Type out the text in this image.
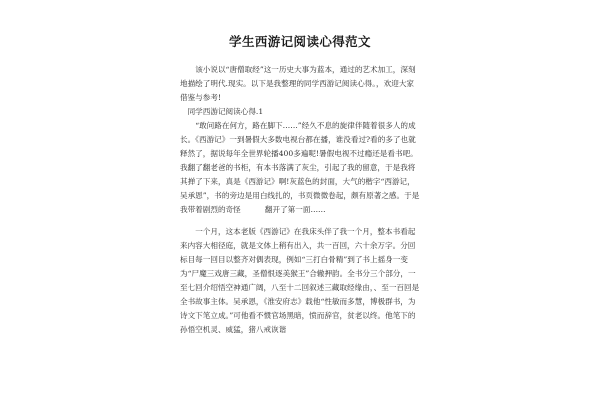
学生西游记阅读心得范文

该小说以“唐僧取经”这一历史大事为蓝本，通过的艺术加工，深刻地描绘了明代.现实。以下是我整理的同学西游记阅读心得。，欢迎大家借鉴与参考!

同学西游记阅读心得.1

“敢问路在何方，路在脚下……”经久不息的旋律伴随着很多人的成长。《西游记》一到暑假大多数电视台都在播，谁没看过?看的多了也就释然了，据说每年全世界轮播400多遍呢!暑假电视不过瘾还是看书吧。我翻了翻老爸的书柜，有本书落满了灰尘，引起了我的留意，于是我将其掸了下来，真是《西游记》啊!灰蓝色的封面，大气的楷字“西游记，吴承恩”，书的旁边是用白线扎的，书页微微卷起，颇有原著之感。于是我带着剧烈的奇怪          翻开了第一面……

一个月，这本老版《西游记》在我床头伴了我一个月，整本书看起来内容大相径庭，就是文体上稍有出入，共一百回，六十余万字。分回标目每一回目以整齐对偶表现，例如“三打白骨精”到了书上摇身一变为“尸魔三戏唐三藏，圣僧恨逐美猴王”合辙押韵。全书分三个部分，一至七回介绍悟空神通广阔，八至十二回叙述三藏取经缘由，、至一百回是全书故事主体。吴承恩，《淮安府志》载他“性敏而多慧，博极群书，为诗文下笔立成。”可他看不惯官场黑暗，愤而辞官，贫老以终。他笔下的孙悟空机灵、威猛，猪八戒诙谐
